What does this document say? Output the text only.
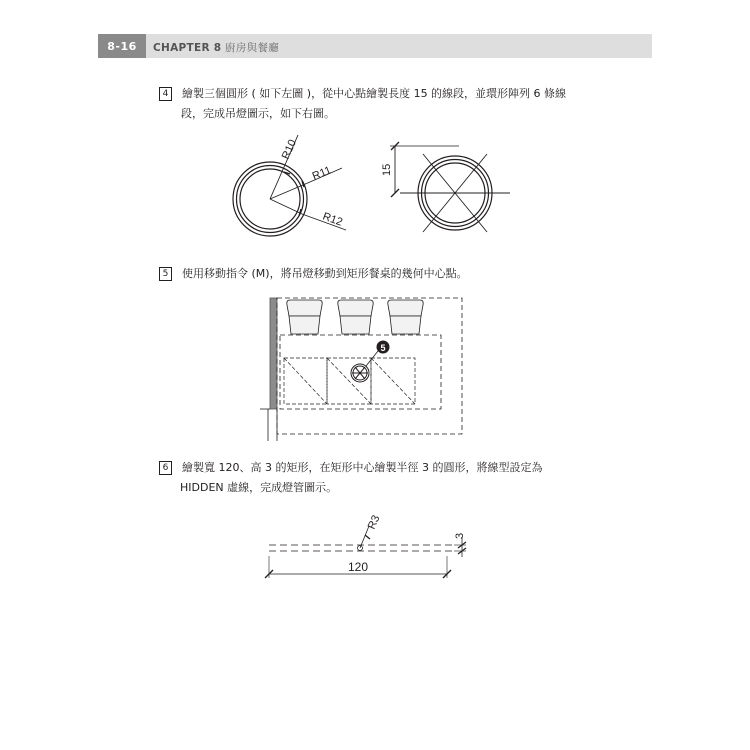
8-16 CHAPTER 8 廚房與餐廳
4 繪製三個圓形 ( 如下左圖 )，從中心點繪製長度 15 的線段，並環形陣列 6 條線
段，完成吊燈圖示，如下右圖。
R10
R11
R12
15
5 使用移動指令 (M)，將吊燈移動到矩形餐桌的幾何中心點。
5
6 繪製寬 120、高 3 的矩形，在矩形中心繪製半徑 3 的圓形，將線型設定為
HIDDEN 虛線，完成燈管圖示。
R3
3
120
